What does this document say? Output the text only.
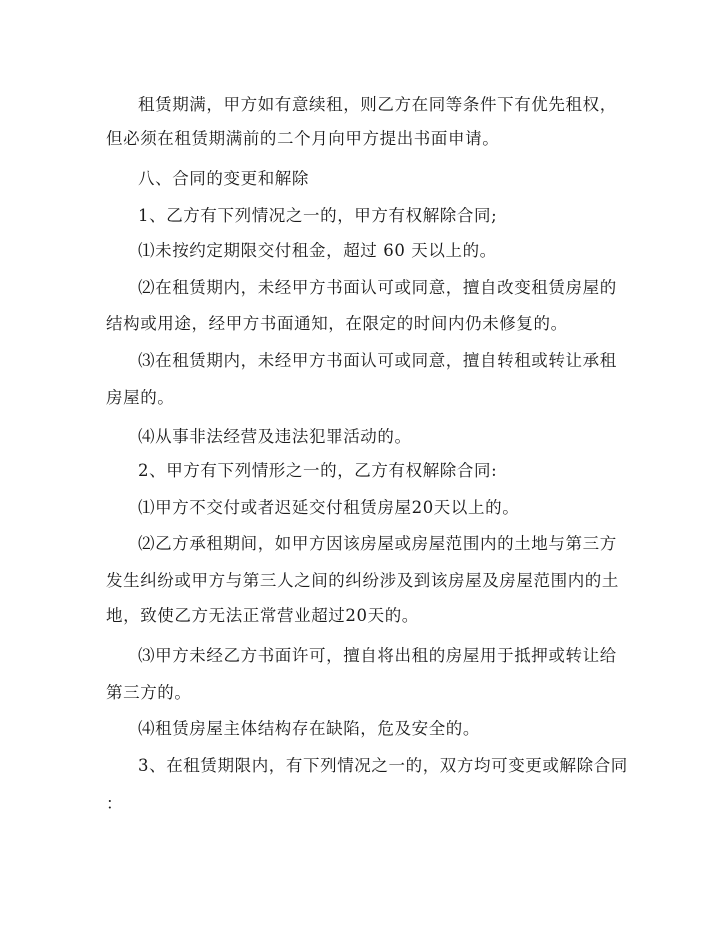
租赁期满，甲方如有意续租，则乙方在同等条件下有优先租权，
但必须在租赁期满前的二个月向甲方提出书面申请。
八、合同的变更和解除
1、乙方有下列情况之一的，甲方有权解除合同;
⑴未按约定期限交付租金，超过 60 天以上的。
⑵在租赁期内，未经甲方书面认可或同意，擅自改变租赁房屋的
结构或用途，经甲方书面通知，在限定的时间内仍未修复的。
⑶在租赁期内，未经甲方书面认可或同意，擅自转租或转让承租
房屋的。
⑷从事非法经营及违法犯罪活动的。
2、甲方有下列情形之一的，乙方有权解除合同:
⑴甲方不交付或者迟延交付租赁房屋20天以上的。
⑵乙方承租期间，如甲方因该房屋或房屋范围内的土地与第三方
发生纠纷或甲方与第三人之间的纠纷涉及到该房屋及房屋范围内的土
地，致使乙方无法正常营业超过20天的。
⑶甲方未经乙方书面许可，擅自将出租的房屋用于抵押或转让给
第三方的。
⑷租赁房屋主体结构存在缺陷，危及安全的。
3、在租赁期限内，有下列情况之一的，双方均可变更或解除合同
：
